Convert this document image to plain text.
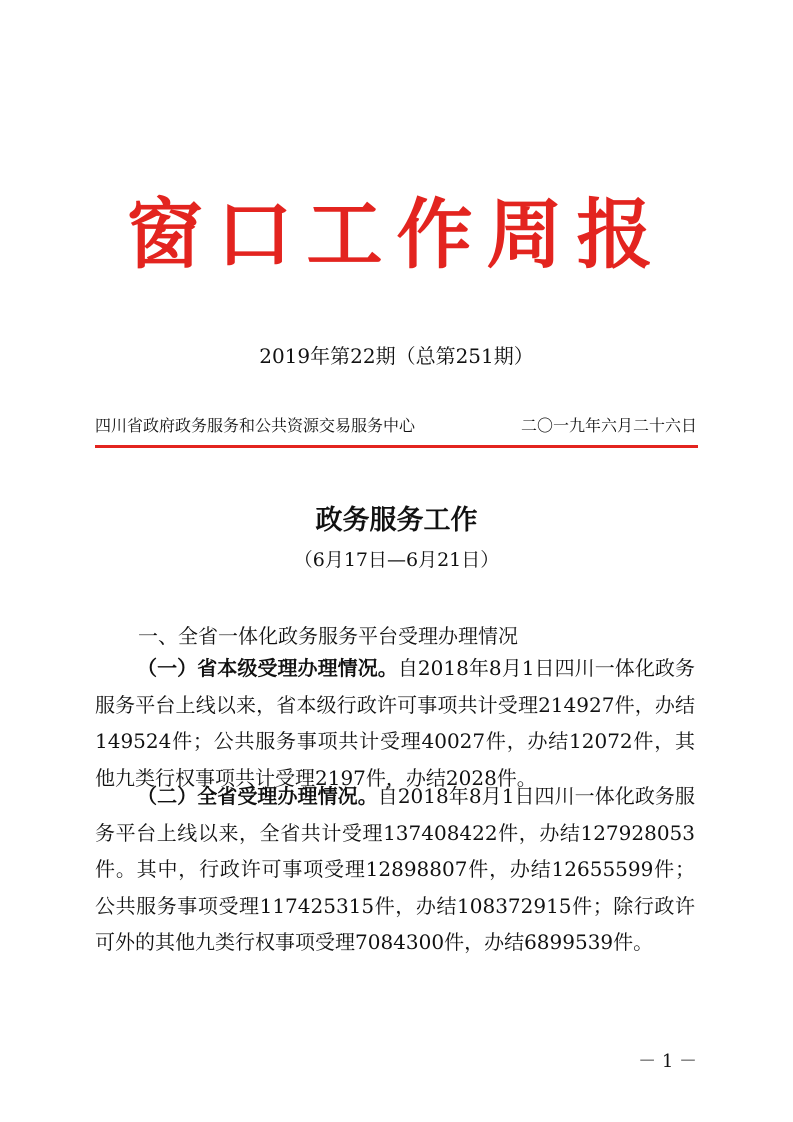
窗口工作周报
2019年第22期（总第251期）
四川省政府政务服务和公共资源交易服务中心	二〇一九年六月二十六日
政务服务工作
（6月17日—6月21日）
一、全省一体化政务服务平台受理办理情况
（一）省本级受理办理情况。自2018年8月1日四川一体化政务服务平台上线以来，省本级行政许可事项共计受理214927件，办结149524件；公共服务事项共计受理40027件，办结12072件，其他九类行权事项共计受理2197件，办结2028件。
（二）全省受理办理情况。自2018年8月1日四川一体化政务服务平台上线以来，全省共计受理137408422件，办结127928053件。其中，行政许可事项受理12898807件，办结12655599件；公共服务事项受理117425315件，办结108372915件；除行政许可外的其他九类行权事项受理7084300件，办结6899539件。
－ 1 －
